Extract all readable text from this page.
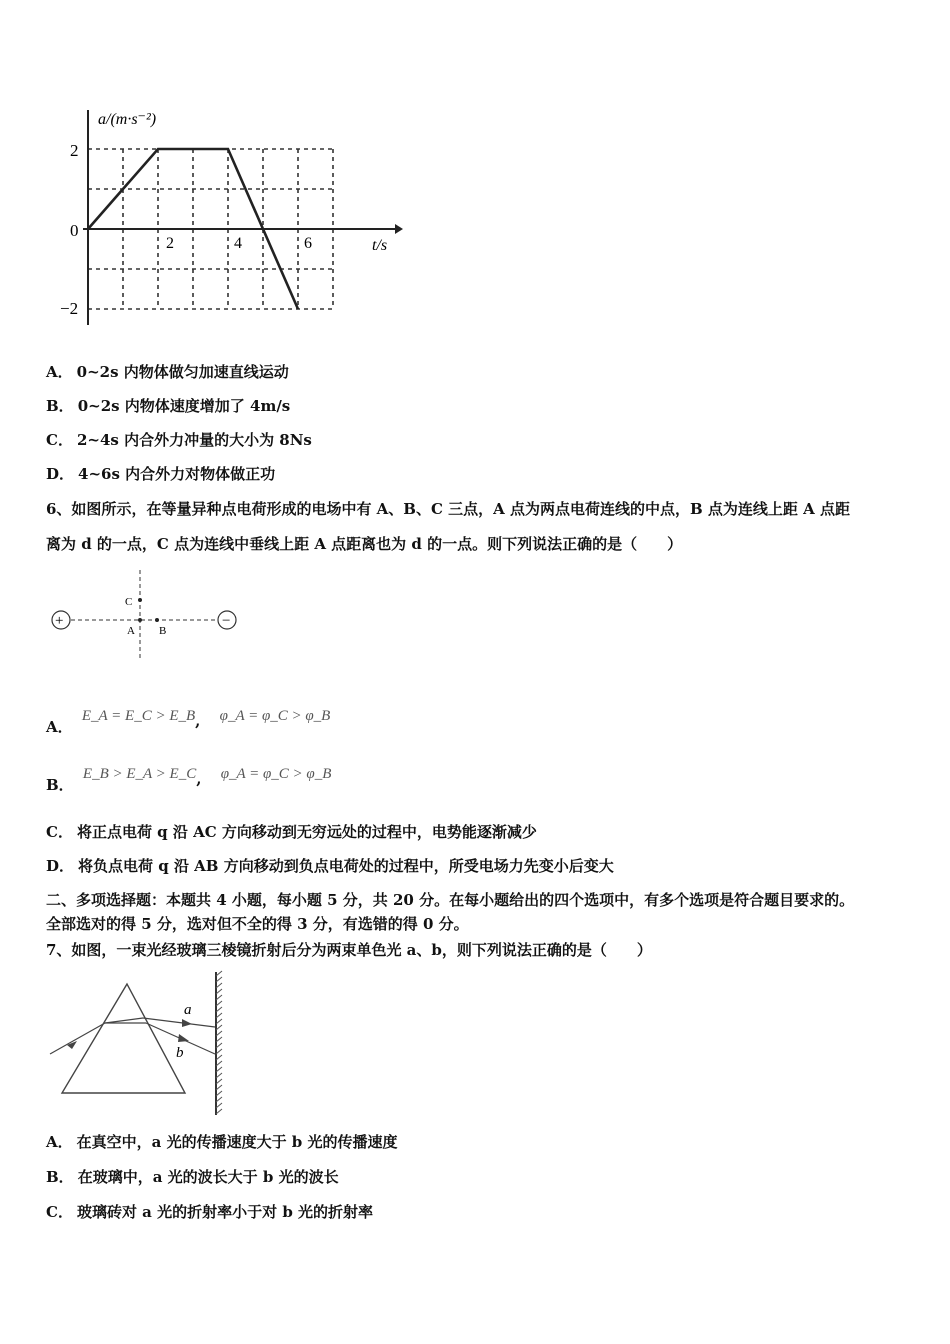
a/(m·s⁻²)
t/s
2
0
−2
2	4	6
A． 0~2s 内物体做匀加速直线运动
B． 0~2s 内物体速度增加了 4m/s
C． 2~4s 内合外力冲量的大小为 8Ns
D． 4~6s 内合外力对物体做正功
6、如图所示，在等量异种点电荷形成的电场中有 A、B、C 三点，A 点为两点电荷连线的中点，B 点为连线上距 A 点距
离为 d 的一点，C 点为连线中垂线上距 A 点距离也为 d 的一点。则下列说法正确的是（　　）
+	−
C
A B
A． E_A = E_C > E_B, φ_A = φ_C > φ_B
B． E_B > E_A > E_C, φ_A = φ_C > φ_B
C． 将正点电荷 q 沿 AC 方向移动到无穷远处的过程中，电势能逐渐减少
D． 将负点电荷 q 沿 AB 方向移动到负点电荷处的过程中，所受电场力先变小后变大
二、多项选择题：本题共 4 小题，每小题 5 分，共 20 分。在每小题给出的四个选项中，有多个选项是符合题目要求的。
全部选对的得 5 分，选对但不全的得 3 分，有选错的得 0 分。
7、如图，一束光经玻璃三棱镜折射后分为两束单色光 a、b，则下列说法正确的是（　　）
a
b
A． 在真空中，a 光的传播速度大于 b 光的传播速度
B． 在玻璃中，a 光的波长大于 b 光的波长
C． 玻璃砖对 a 光的折射率小于对 b 光的折射率
